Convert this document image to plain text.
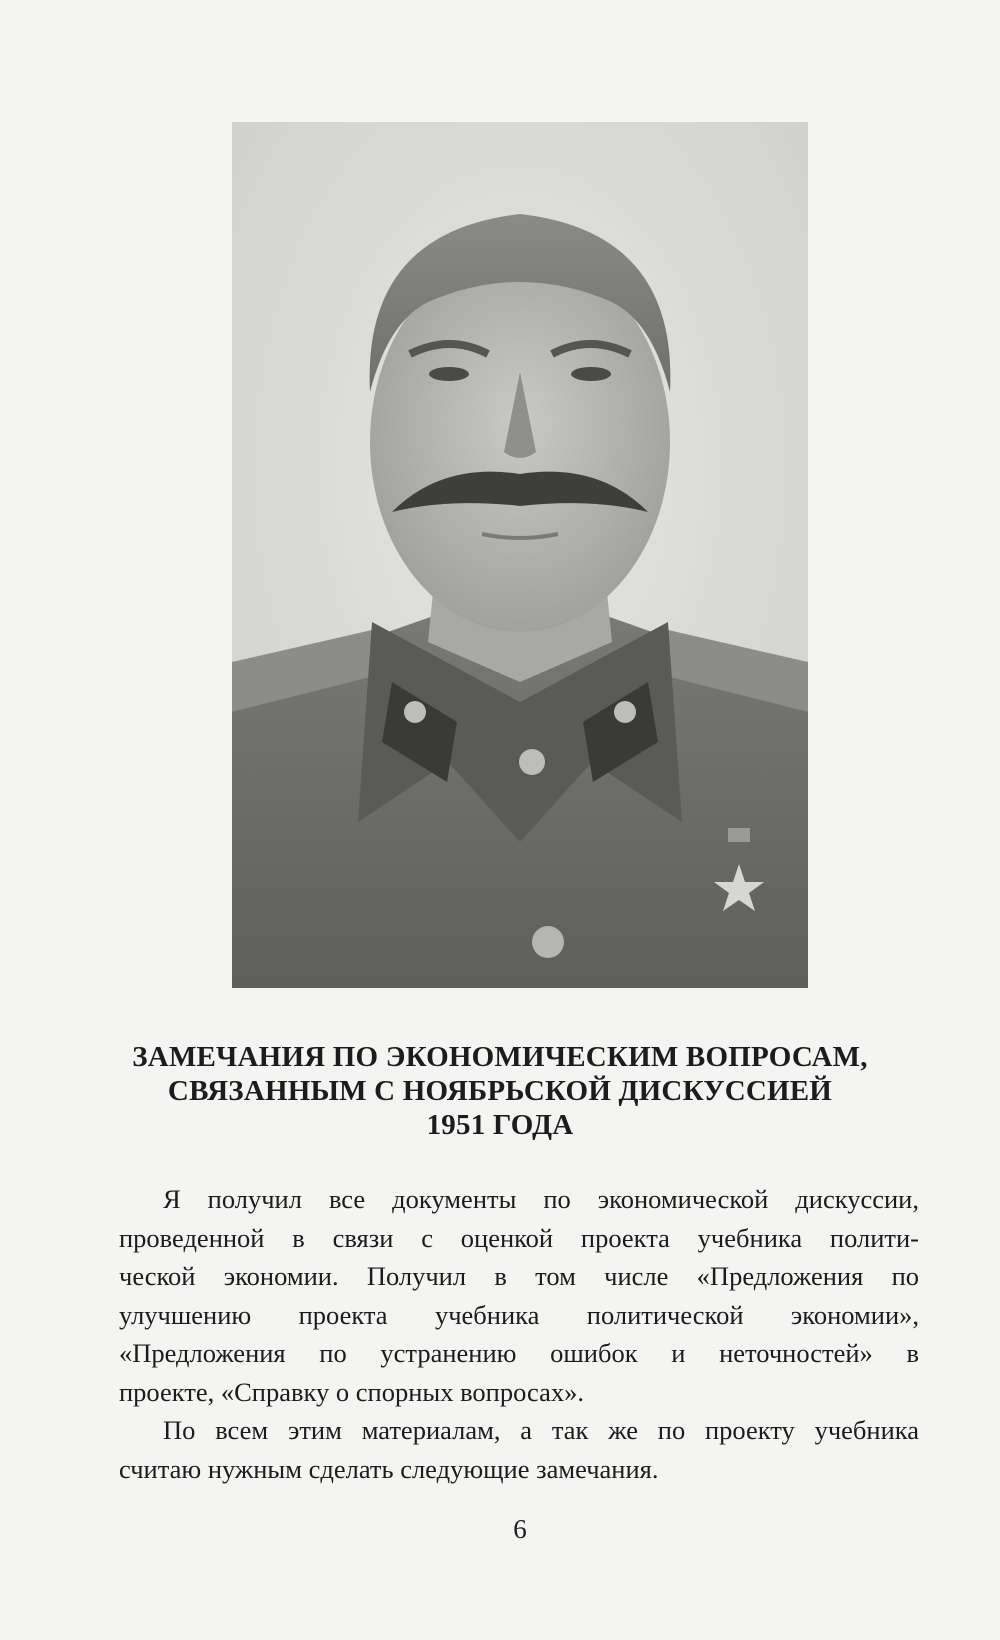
ЗАМЕЧАНИЯ ПО ЭКОНОМИЧЕСКИМ ВОПРОСАМ,
СВЯЗАННЫМ С НОЯБРЬСКОЙ ДИСКУССИЕЙ
1951 ГОДА

Я получил все документы по экономической дискуссии,
проведенной в связи с оценкой проекта учебника полити-
ческой экономии. Получил в том числе «Предложения по
улучшению проекта учебника политической экономии»,
«Предложения по устранению ошибок и неточностей» в
проекте, «Справку о спорных вопросах».

По всем этим материалам, а так же по проекту учебника
считаю нужным сделать следующие замечания.

6
